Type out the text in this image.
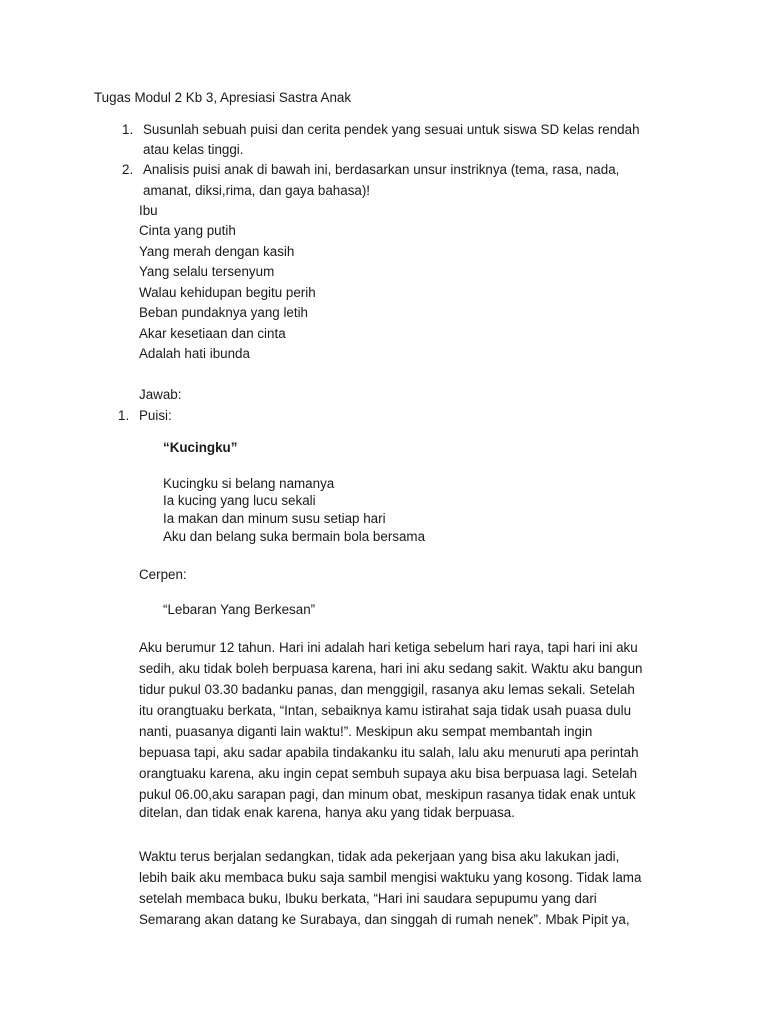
Tugas Modul 2 Kb 3, Apresiasi Sastra Anak
1. Susunlah sebuah puisi dan cerita pendek yang sesuai untuk siswa SD kelas rendah
atau kelas tinggi.
2. Analisis puisi anak di bawah ini, berdasarkan unsur instriknya (tema, rasa, nada,
amanat, diksi,rima, dan gaya bahasa)!
Ibu
Cinta yang putih
Yang merah dengan kasih
Yang selalu tersenyum
Walau kehidupan begitu perih
Beban pundaknya yang letih
Akar kesetiaan dan cinta
Adalah hati ibunda
Jawab:
1. Puisi:
“Kucingku”
Kucingku si belang namanya
Ia kucing yang lucu sekali
Ia makan dan minum susu setiap hari
Aku dan belang suka bermain bola bersama
Cerpen:
“Lebaran Yang Berkesan”
Aku berumur 12 tahun. Hari ini adalah hari ketiga sebelum hari raya, tapi hari ini aku
sedih, aku tidak boleh berpuasa karena, hari ini aku sedang sakit. Waktu aku bangun
tidur pukul 03.30 badanku panas, dan menggigil, rasanya aku lemas sekali. Setelah
itu orangtuaku berkata, “Intan, sebaiknya kamu istirahat saja tidak usah puasa dulu
nanti, puasanya diganti lain waktu!”. Meskipun aku sempat membantah ingin
bepuasa tapi, aku sadar apabila tindakanku itu salah, lalu aku menuruti apa perintah
orangtuaku karena, aku ingin cepat sembuh supaya aku bisa berpuasa lagi. Setelah
pukul 06.00,aku sarapan pagi, dan minum obat, meskipun rasanya tidak enak untuk
ditelan, dan tidak enak karena, hanya aku yang tidak berpuasa.
Waktu terus berjalan sedangkan, tidak ada pekerjaan yang bisa aku lakukan jadi,
lebih baik aku membaca buku saja sambil mengisi waktuku yang kosong. Tidak lama
setelah membaca buku, Ibuku berkata, “Hari ini saudara sepupumu yang dari
Semarang akan datang ke Surabaya, dan singgah di rumah nenek”. Mbak Pipit ya,
